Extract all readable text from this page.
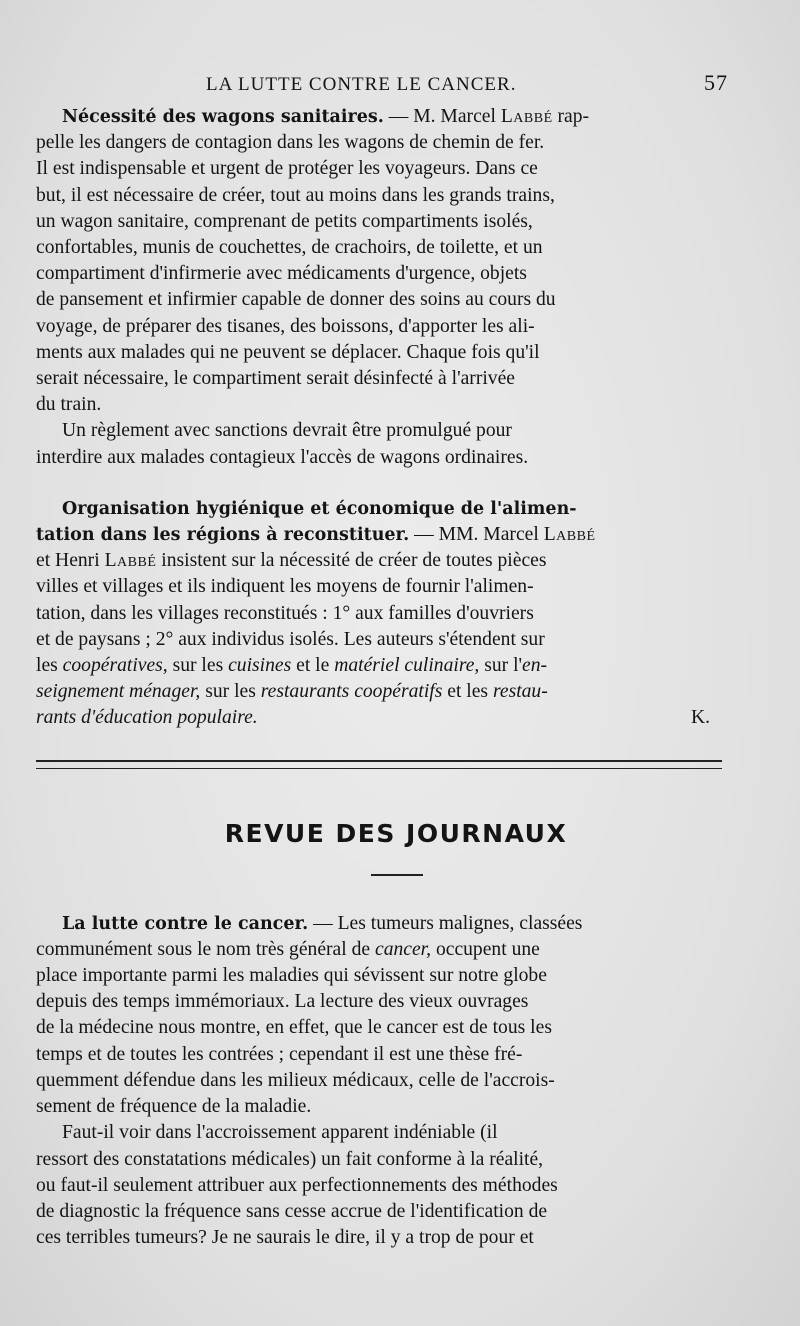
LA LUTTE CONTRE LE CANCER.	57
Nécessité des wagons sanitaires. — M. Marcel Labbé rap-
pelle les dangers de contagion dans les wagons de chemin de fer.
Il est indispensable et urgent de protéger les voyageurs. Dans ce
but, il est nécessaire de créer, tout au moins dans les grands trains,
un wagon sanitaire, comprenant de petits compartiments isolés,
confortables, munis de couchettes, de crachoirs, de toilette, et un
compartiment d'infirmerie avec médicaments d'urgence, objets
de pansement et infirmier capable de donner des soins au cours du
voyage, de préparer des tisanes, des boissons, d'apporter les ali-
ments aux malades qui ne peuvent se déplacer. Chaque fois qu'il
serait nécessaire, le compartiment serait désinfecté à l'arrivée
du train.
Un règlement avec sanctions devrait être promulgué pour
interdire aux malades contagieux l'accès de wagons ordinaires.
Organisation hygiénique et économique de l'alimen-
tation dans les régions à reconstituer. — MM. Marcel Labbé
et Henri Labbé insistent sur la nécessité de créer de toutes pièces
villes et villages et ils indiquent les moyens de fournir l'alimen-
tation, dans les villages reconstitués : 1° aux familles d'ouvriers
et de paysans ; 2° aux individus isolés. Les auteurs s'étendent sur
les coopératives, sur les cuisines et le matériel culinaire, sur l'en-
seignement ménager, sur les restaurants coopératifs et les restau-
rants d'éducation populaire.	K.
REVUE DES JOURNAUX
La lutte contre le cancer. — Les tumeurs malignes, classées
communément sous le nom très général de cancer, occupent une
place importante parmi les maladies qui sévissent sur notre globe
depuis des temps immémoriaux. La lecture des vieux ouvrages
de la médecine nous montre, en effet, que le cancer est de tous les
temps et de toutes les contrées ; cependant il est une thèse fré-
quemment défendue dans les milieux médicaux, celle de l'accrois-
sement de fréquence de la maladie.
Faut-il voir dans l'accroissement apparent indéniable (il
ressort des constatations médicales) un fait conforme à la réalité,
ou faut-il seulement attribuer aux perfectionnements des méthodes
de diagnostic la fréquence sans cesse accrue de l'identification de
ces terribles tumeurs? Je ne saurais le dire, il y a trop de pour et
